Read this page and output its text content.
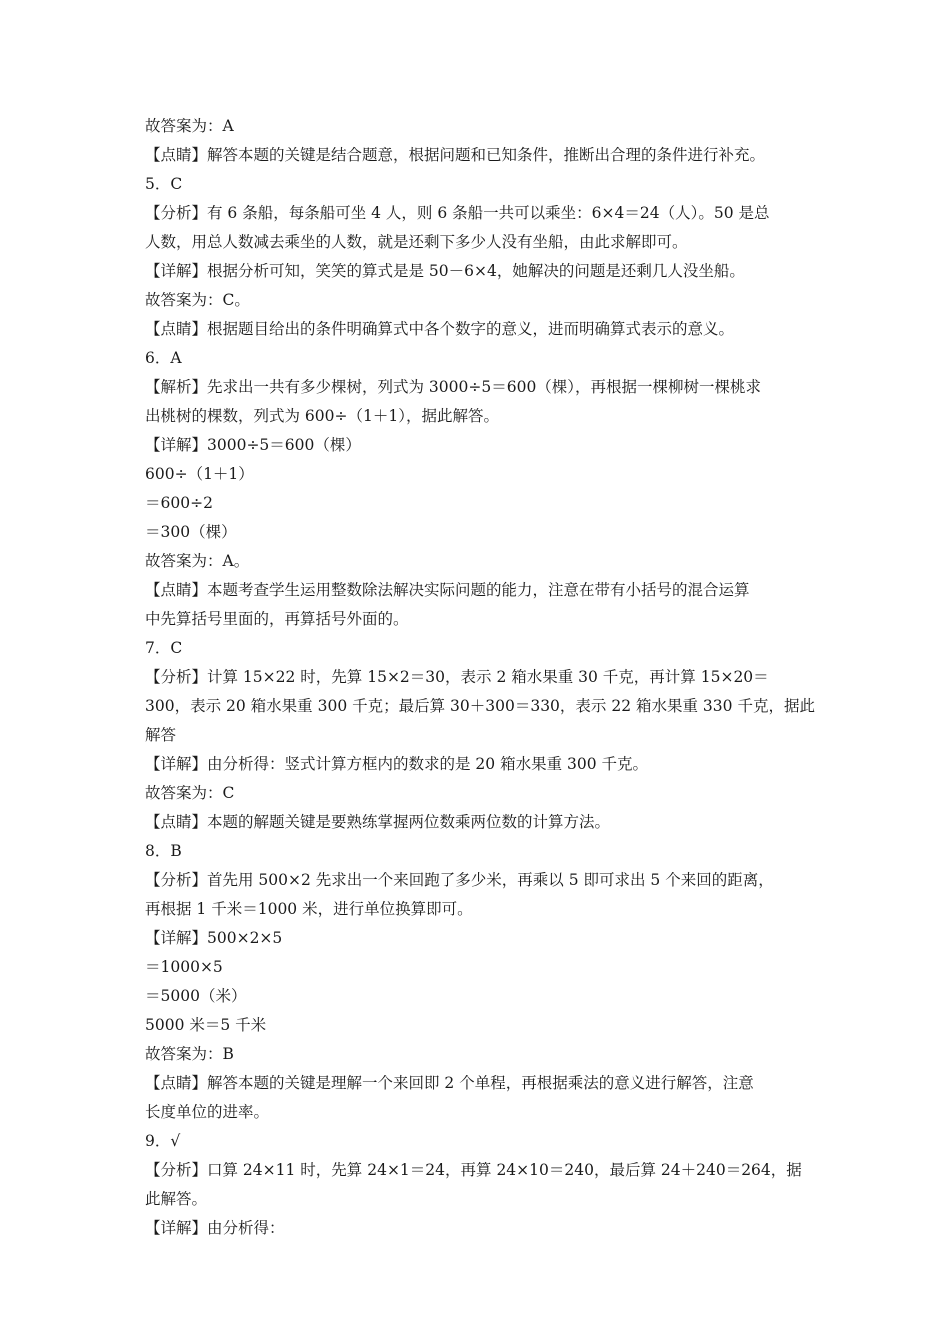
故答案为：A
【点睛】解答本题的关键是结合题意，根据问题和已知条件，推断出合理的条件进行补充。
5．C
【分析】有 6 条船，每条船可坐 4 人，则 6 条船一共可以乘坐：6×4＝24（人）。50 是总
人数，用总人数减去乘坐的人数，就是还剩下多少人没有坐船，由此求解即可。
【详解】根据分析可知，笑笑的算式是是 50－6×4，她解决的问题是还剩几人没坐船。
故答案为：C。
【点睛】根据题目给出的条件明确算式中各个数字的意义，进而明确算式表示的意义。
6．A
【解析】先求出一共有多少棵树，列式为 3000÷5＝600（棵），再根据一棵柳树一棵桃求
出桃树的棵数，列式为 600÷（1＋1），据此解答。
【详解】3000÷5＝600（棵）
600÷（1＋1）
＝600÷2
＝300（棵）
故答案为：A。
【点睛】本题考查学生运用整数除法解决实际问题的能力，注意在带有小括号的混合运算
中先算括号里面的，再算括号外面的。
7．C
【分析】计算 15×22 时，先算 15×2＝30，表示 2 箱水果重 30 千克，再计算 15×20＝
300，表示 20 箱水果重 300 千克；最后算 30＋300＝330，表示 22 箱水果重 330 千克，据此
解答
【详解】由分析得：竖式计算方框内的数求的是 20 箱水果重 300 千克。
故答案为：C
【点睛】本题的解题关键是要熟练掌握两位数乘两位数的计算方法。
8．B
【分析】首先用 500×2 先求出一个来回跑了多少米，再乘以 5 即可求出 5 个来回的距离，
再根据 1 千米＝1000 米，进行单位换算即可。
【详解】500×2×5
＝1000×5
＝5000（米）
5000 米＝5 千米
故答案为：B
【点睛】解答本题的关键是理解一个来回即 2 个单程，再根据乘法的意义进行解答，注意
长度单位的进率。
9．√
【分析】口算 24×11 时，先算 24×1＝24，再算 24×10＝240，最后算 24＋240＝264，据
此解答。
【详解】由分析得：
